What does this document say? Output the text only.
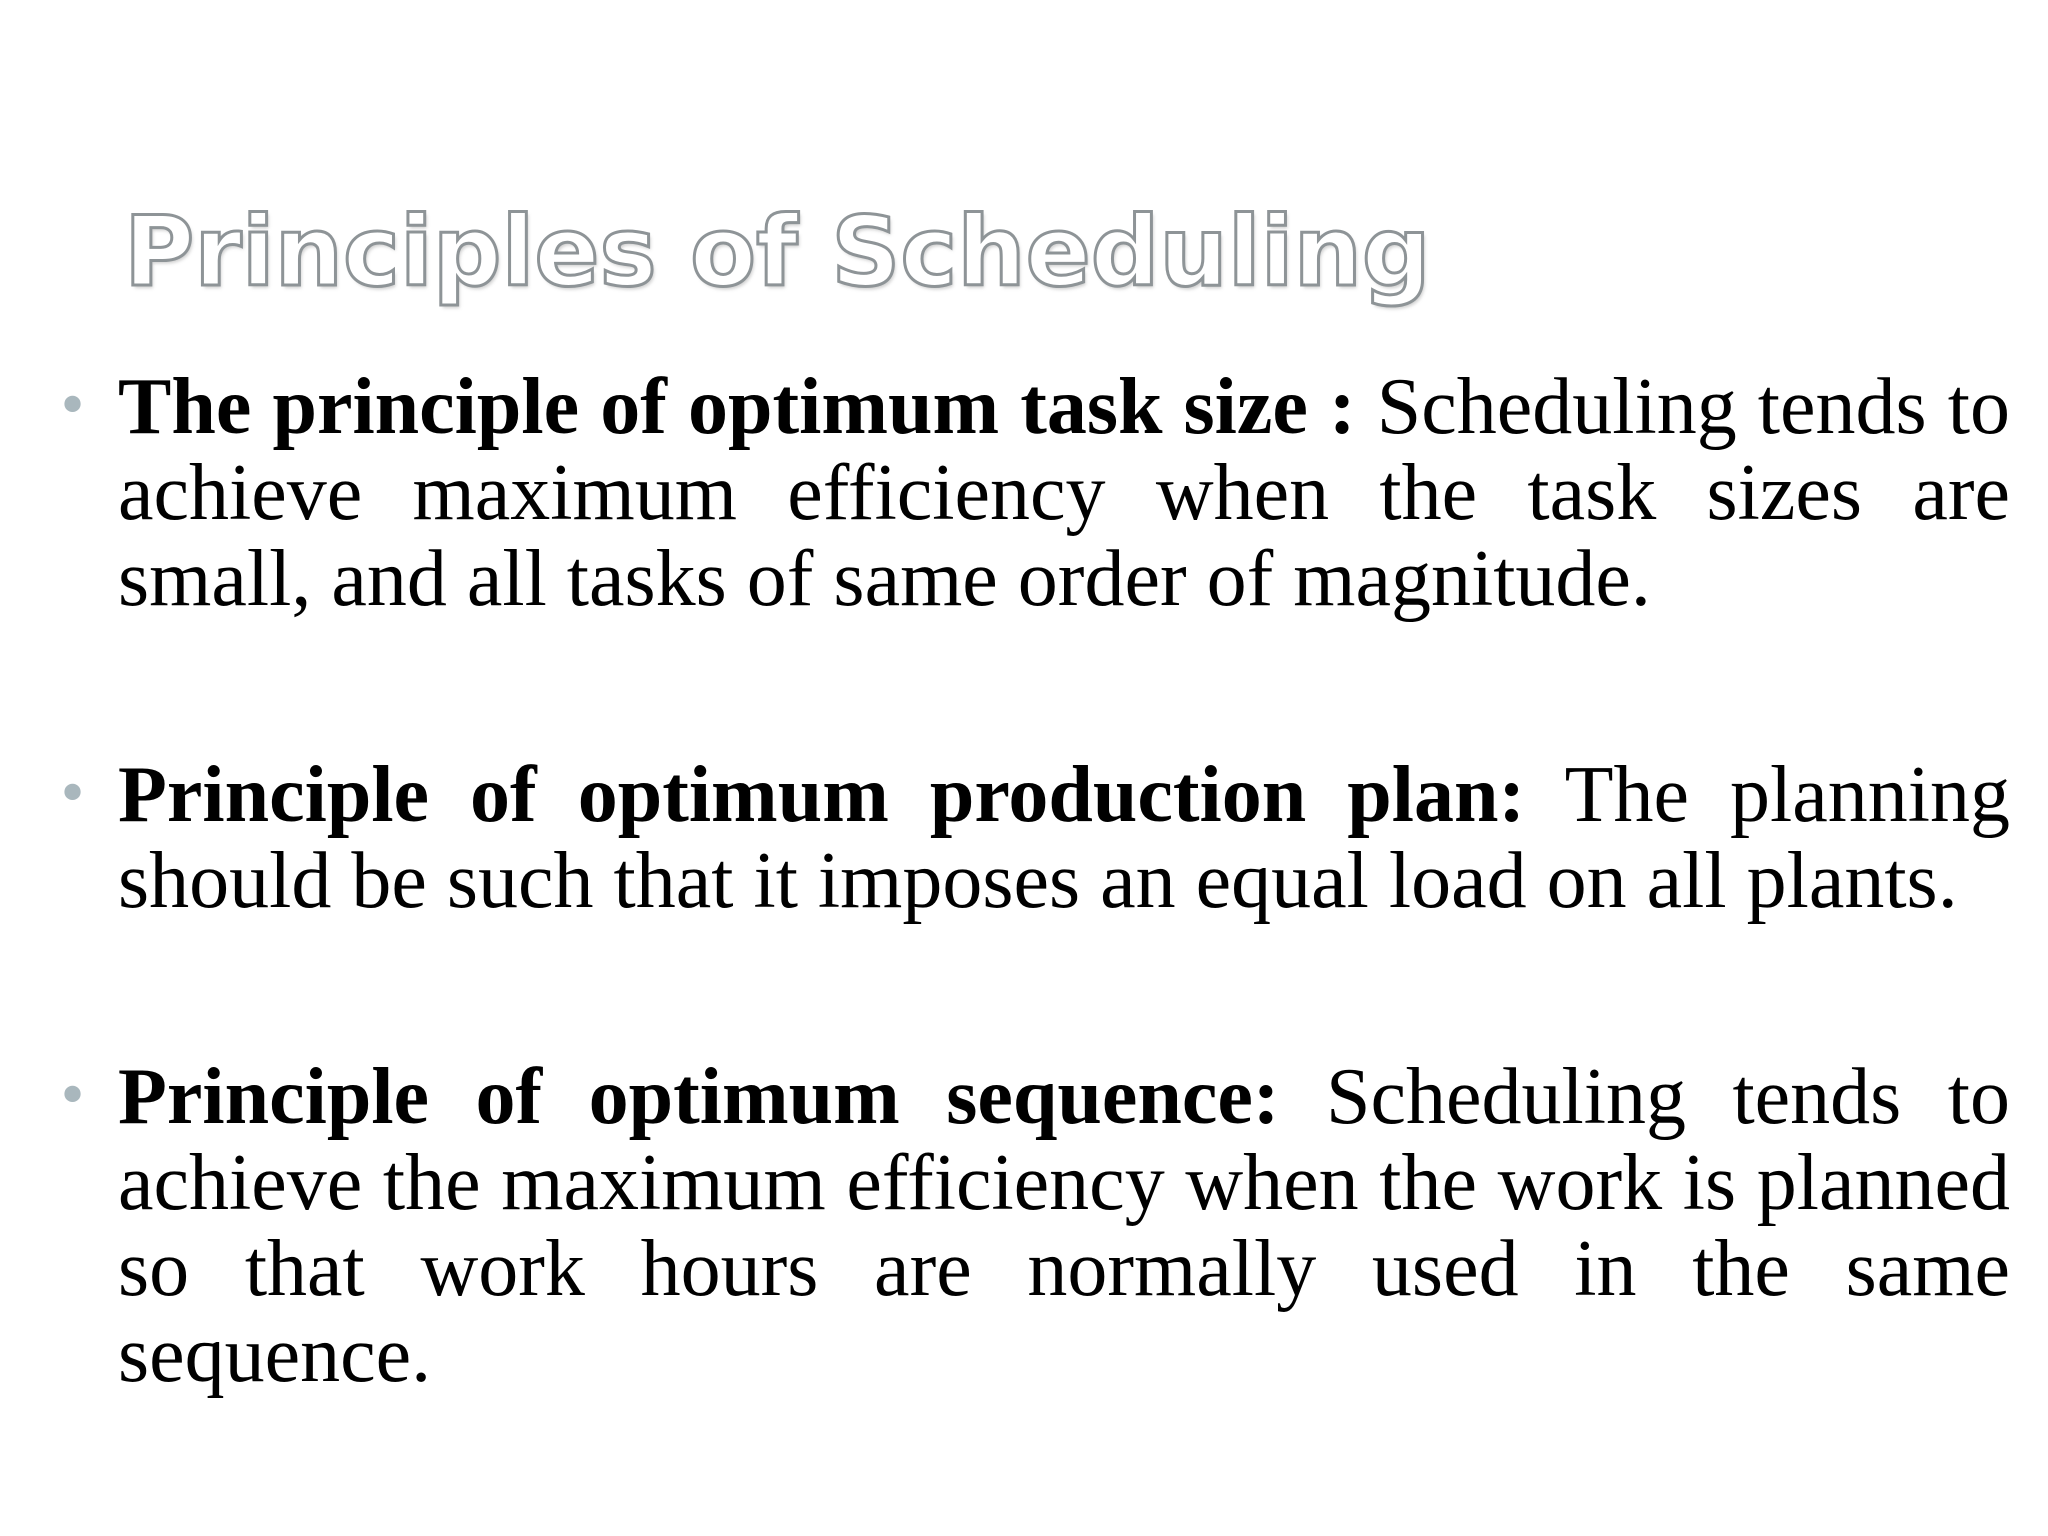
Principles of Scheduling
• The principle of optimum task size : Scheduling tends to achieve maximum efficiency when the task sizes are small, and all tasks of same order of magnitude.
• Principle of optimum production plan: The planning should be such that it imposes an equal load on all plants.
• Principle of optimum sequence: Scheduling tends to achieve the maximum efficiency when the work is planned so that work hours are normally used in the same sequence.
